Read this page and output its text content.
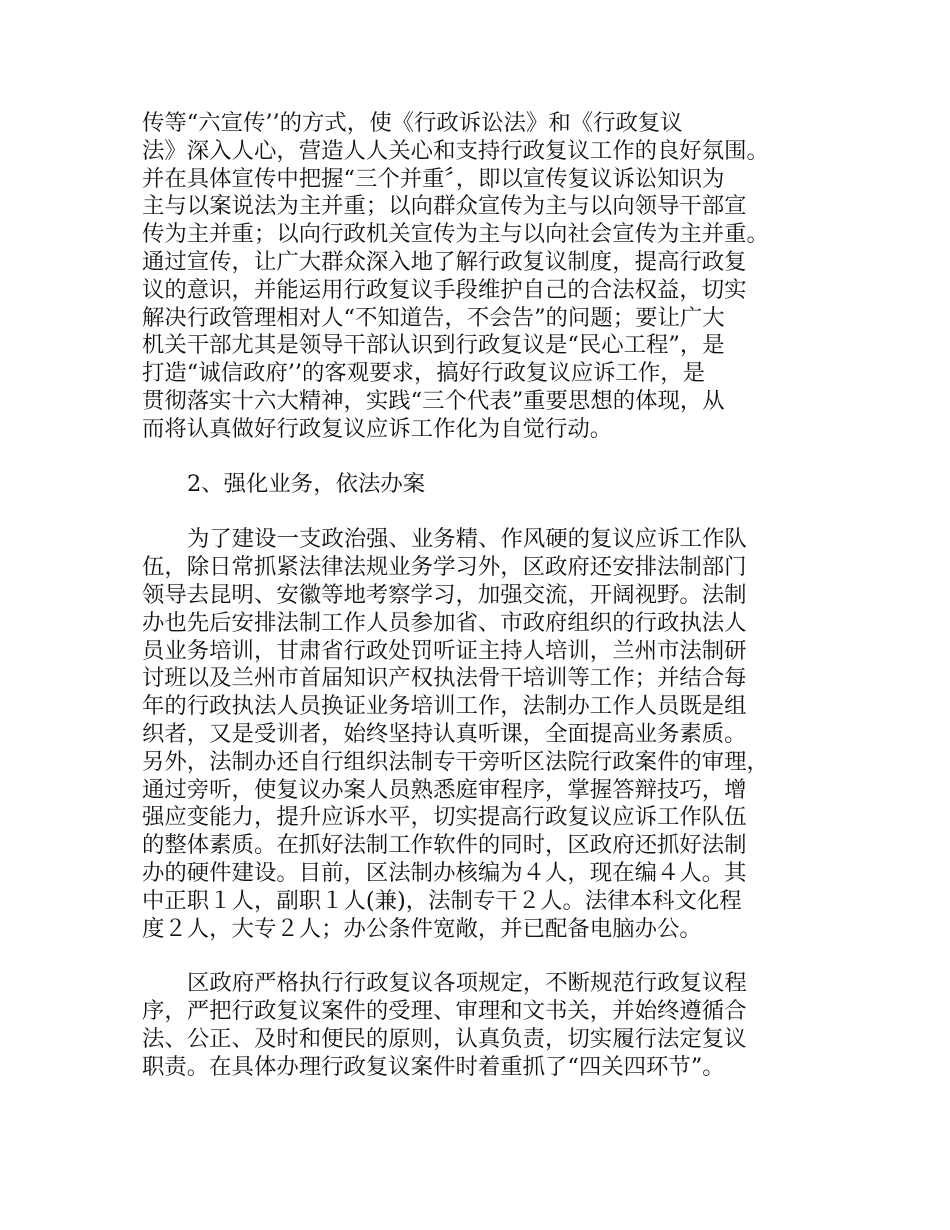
传等“六宣传’’的方式，使《行政诉讼法》和《行政复议
法》深入人心，营造人人关心和支持行政复议工作的良好氛围。
并在具体宣传中把握“三个并重〞，即以宣传复议诉讼知识为
主与以案说法为主并重；以向群众宣传为主与以向领导干部宣
传为主并重；以向行政机关宣传为主与以向社会宣传为主并重。
通过宣传，让广大群众深入地了解行政复议制度，提高行政复
议的意识，并能运用行政复议手段维护自己的合法权益，切实
解决行政管理相对人“不知道告，不会告”的问题；要让广大
机关干部尤其是领导干部认识到行政复议是“民心工程”，是
打造“诚信政府’’的客观要求，搞好行政复议应诉工作，是
贯彻落实十六大精神，实践“三个代表”重要思想的体现，从
而将认真做好行政复议应诉工作化为自觉行动。

2、强化业务，依法办案

为了建设一支政治强、业务精、作风硬的复议应诉工作队
伍，除日常抓紧法律法规业务学习外，区政府还安排法制部门
领导去昆明、安徽等地考察学习，加强交流，开阔视野。法制
办也先后安排法制工作人员参加省、市政府组织的行政执法人
员业务培训，甘肃省行政处罚听证主持人培训，兰州市法制研
讨班以及兰州市首届知识产权执法骨干培训等工作；并结合每
年的行政执法人员换证业务培训工作，法制办工作人员既是组
织者，又是受训者，始终坚持认真听课，全面提高业务素质。
另外，法制办还自行组织法制专干旁听区法院行政案件的审理，
通过旁听，使复议办案人员熟悉庭审程序，掌握答辩技巧，增
强应变能力，提升应诉水平，切实提高行政复议应诉工作队伍
的整体素质。在抓好法制工作软件的同时，区政府还抓好法制
办的硬件建设。目前，区法制办核编为４人，现在编４人。其
中正职１人，副职１人(兼)，法制专干２人。法律本科文化程
度２人，大专２人；办公条件宽敞，并已配备电脑办公。

区政府严格执行行政复议各项规定，不断规范行政复议程
序，严把行政复议案件的受理、审理和文书关，并始终遵循合
法、公正、及时和便民的原则，认真负责，切实履行法定复议
职责。在具体办理行政复议案件时着重抓了“四关四环节”。
